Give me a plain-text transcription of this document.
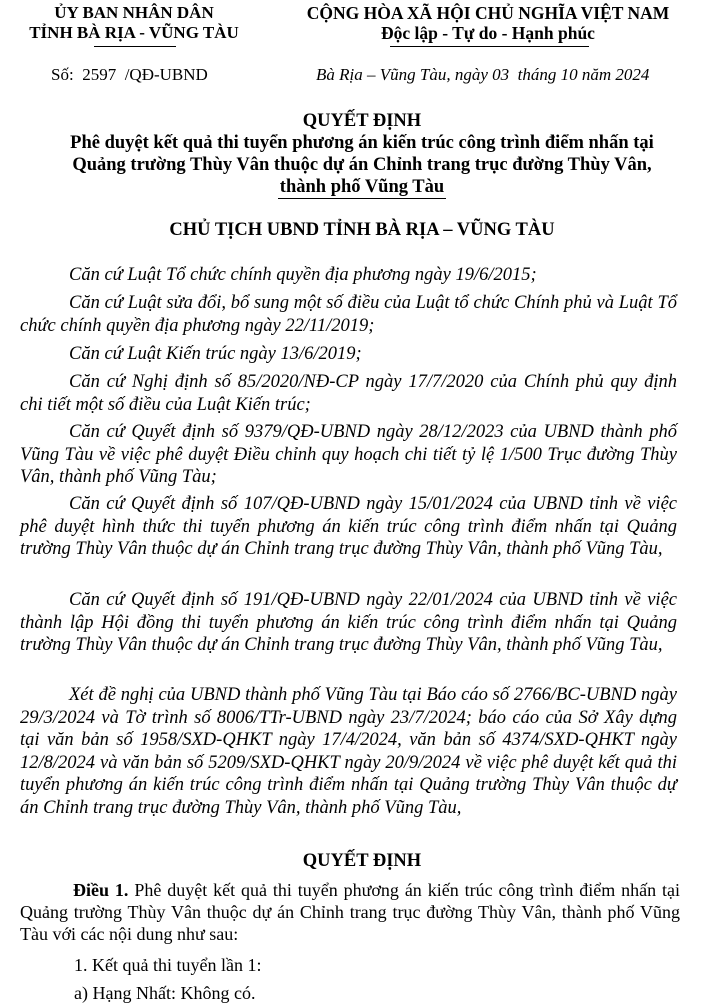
ỦY BAN NHÂN DÂN
TỈNH BÀ RỊA - VŨNG TÀU
CỘNG HÒA XÃ HỘI CHỦ NGHĨA VIỆT NAM
Độc lập - Tự do - Hạnh phúc
Số: 2597 /QĐ-UBND	Bà Rịa – Vũng Tàu, ngày 03  tháng 10 năm 2024
QUYẾT ĐỊNH
Phê duyệt kết quả thi tuyển phương án kiến trúc công trình điểm nhấn tại
Quảng trường Thùy Vân thuộc dự án Chỉnh trang trục đường Thùy Vân,
thành phố Vũng Tàu
CHỦ TỊCH UBND TỈNH BÀ RỊA – VŨNG TÀU
Căn cứ Luật Tổ chức chính quyền địa phương ngày 19/6/2015;
Căn cứ Luật sửa đổi, bổ sung một số điều của Luật tổ chức Chính phủ và Luật Tổ chức chính quyền địa phương ngày 22/11/2019;
Căn cứ Luật Kiến trúc ngày 13/6/2019;
Căn cứ Nghị định số 85/2020/NĐ-CP ngày 17/7/2020 của Chính phủ quy định chi tiết một số điều của Luật Kiến trúc;
Căn cứ Quyết định số 9379/QĐ-UBND ngày 28/12/2023 của UBND thành phố Vũng Tàu về việc phê duyệt Điều chỉnh quy hoạch chi tiết tỷ lệ 1/500 Trục đường Thùy Vân, thành phố Vũng Tàu;
Căn cứ Quyết định số 107/QĐ-UBND ngày 15/01/2024 của UBND tỉnh về việc phê duyệt hình thức thi tuyển phương án kiến trúc công trình điểm nhấn tại Quảng trường Thùy Vân thuộc dự án Chỉnh trang trục đường Thùy Vân, thành phố Vũng Tàu,
Căn cứ Quyết định số 191/QĐ-UBND ngày 22/01/2024 của UBND tỉnh về việc thành lập Hội đồng thi tuyển phương án kiến trúc công trình điểm nhấn tại Quảng trường Thùy Vân thuộc dự án Chỉnh trang trục đường Thùy Vân, thành phố Vũng Tàu,
Xét đề nghị của UBND thành phố Vũng Tàu tại Báo cáo số 2766/BC-UBND ngày 29/3/2024 và Tờ trình số 8006/TTr-UBND ngày 23/7/2024; báo cáo của Sở Xây dựng tại văn bản số 1958/SXD-QHKT ngày 17/4/2024, văn bản số 4374/SXD-QHKT ngày 12/8/2024 và văn bản số 5209/SXD-QHKT ngày 20/9/2024 về việc phê duyệt kết quả thi tuyển phương án kiến trúc công trình điểm nhấn tại Quảng trường Thùy Vân thuộc dự án Chỉnh trang trục đường Thùy Vân, thành phố Vũng Tàu,
QUYẾT ĐỊNH
Điều 1. Phê duyệt kết quả thi tuyển phương án kiến trúc công trình điểm nhấn tại Quảng trường Thùy Vân thuộc dự án Chỉnh trang trục đường Thùy Vân, thành phố Vũng Tàu với các nội dung như sau:
1. Kết quả thi tuyển lần 1:
a) Hạng Nhất: Không có.
